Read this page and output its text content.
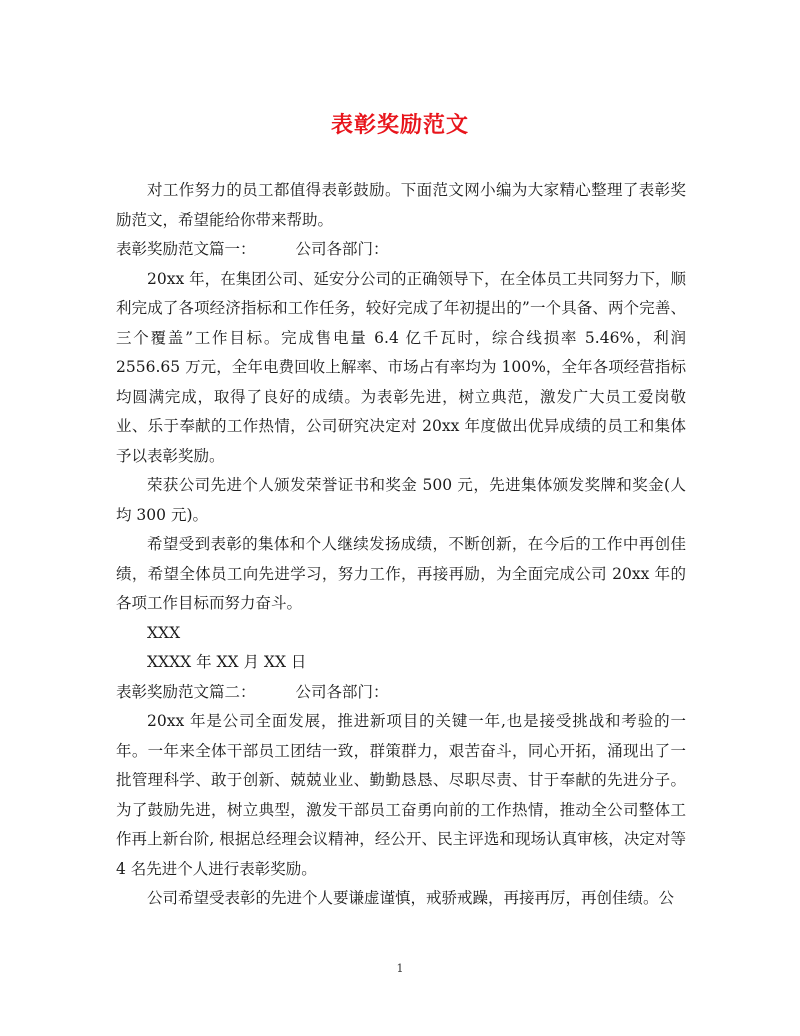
表彰奖励范文

对工作努力的员工都值得表彰鼓励。下面范文网小编为大家精心整理了表彰奖励范文，希望能给你带来帮助。

表彰奖励范文篇一：	公司各部门：

20xx 年，在集团公司、延安分公司的正确领导下，在全体员工共同努力下，顺利完成了各项经济指标和工作任务，较好完成了年初提出的”一个具备、两个完善、三个覆盖”工作目标。完成售电量 6.4 亿千瓦时，综合线损率 5.46%，利润 2556.65 万元，全年电费回收上解率、市场占有率均为 100%，全年各项经营指标均圆满完成，取得了良好的成绩。为表彰先进，树立典范，激发广大员工爱岗敬业、乐于奉献的工作热情，公司研究决定对 20xx 年度做出优异成绩的员工和集体予以表彰奖励。

荣获公司先进个人颁发荣誉证书和奖金 500 元，先进集体颁发奖牌和奖金(人均 300 元)。

希望受到表彰的集体和个人继续发扬成绩，不断创新，在今后的工作中再创佳绩，希望全体员工向先进学习，努力工作，再接再励，为全面完成公司 20xx 年的各项工作目标而努力奋斗。

XXX

XXXX 年 XX 月 XX 日

表彰奖励范文篇二：	公司各部门：

20xx 年是公司全面发展，推进新项目的关键一年,也是接受挑战和考验的一年。一年来全体干部员工团结一致，群策群力，艰苦奋斗，同心开拓，涌现出了一批管理科学、敢于创新、兢兢业业、勤勤恳恳、尽职尽责、甘于奉献的先进分子。为了鼓励先进，树立典型，激发干部员工奋勇向前的工作热情，推动全公司整体工作再上新台阶, 根据总经理会议精神，经公开、民主评选和现场认真审核，决定对等 4 名先进个人进行表彰奖励。

公司希望受表彰的先进个人要谦虚谨慎，戒骄戒躁，再接再厉，再创佳绩。公

1
